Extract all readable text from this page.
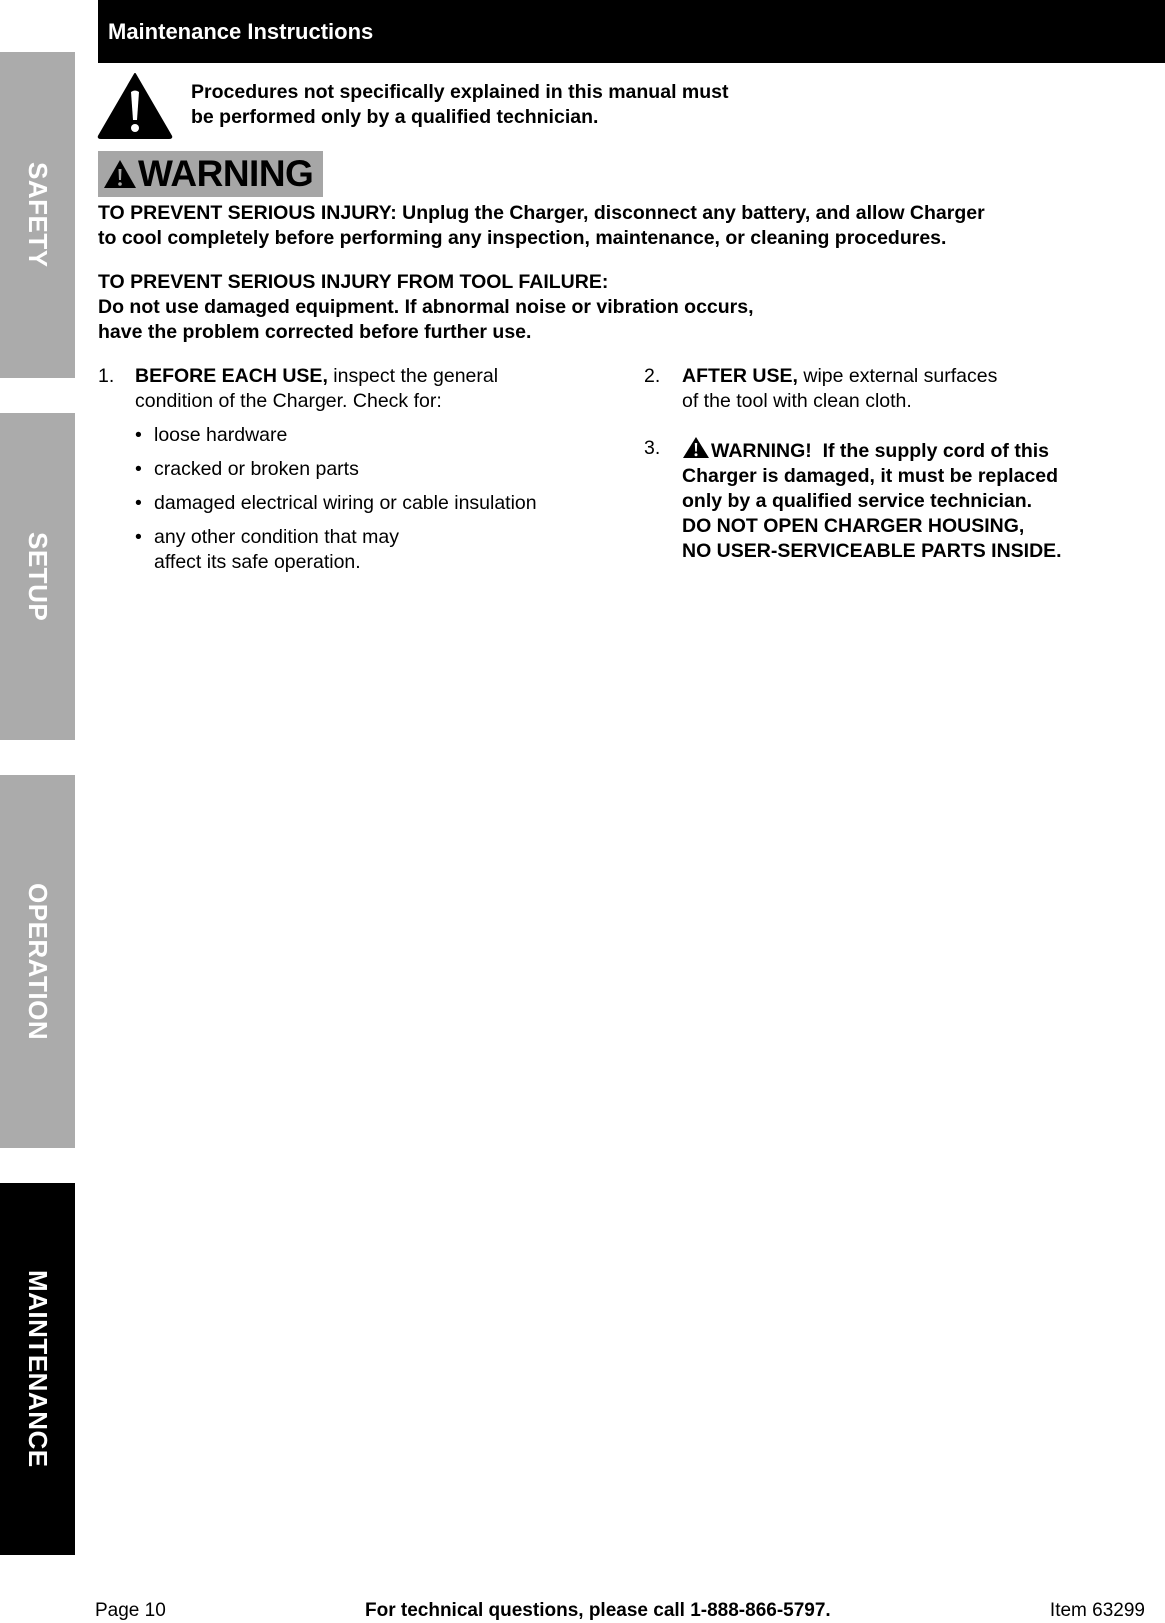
SAFETY
SETUP
OPERATION
MAINTENANCE
Maintenance Instructions
Procedures not specifically explained in this manual must
be performed only by a qualified technician.
WARNING
TO PREVENT SERIOUS INJURY: Unplug the Charger, disconnect any battery, and allow Charger
to cool completely before performing any inspection, maintenance, or cleaning procedures.
TO PREVENT SERIOUS INJURY FROM TOOL FAILURE:
Do not use damaged equipment. If abnormal noise or vibration occurs,
have the problem corrected before further use.
1. BEFORE EACH USE, inspect the general
condition of the Charger. Check for:
• loose hardware
• cracked or broken parts
• damaged electrical wiring or cable insulation
• any other condition that may
affect its safe operation.
2. AFTER USE, wipe external surfaces
of the tool with clean cloth.
3.	WARNING!  If the supply cord of this
Charger is damaged, it must be replaced
only by a qualified service technician.
DO NOT OPEN CHARGER HOUSING,
NO USER-SERVICEABLE PARTS INSIDE.
Page 10	For technical questions, please call 1-888-866-5797.	Item 63299
